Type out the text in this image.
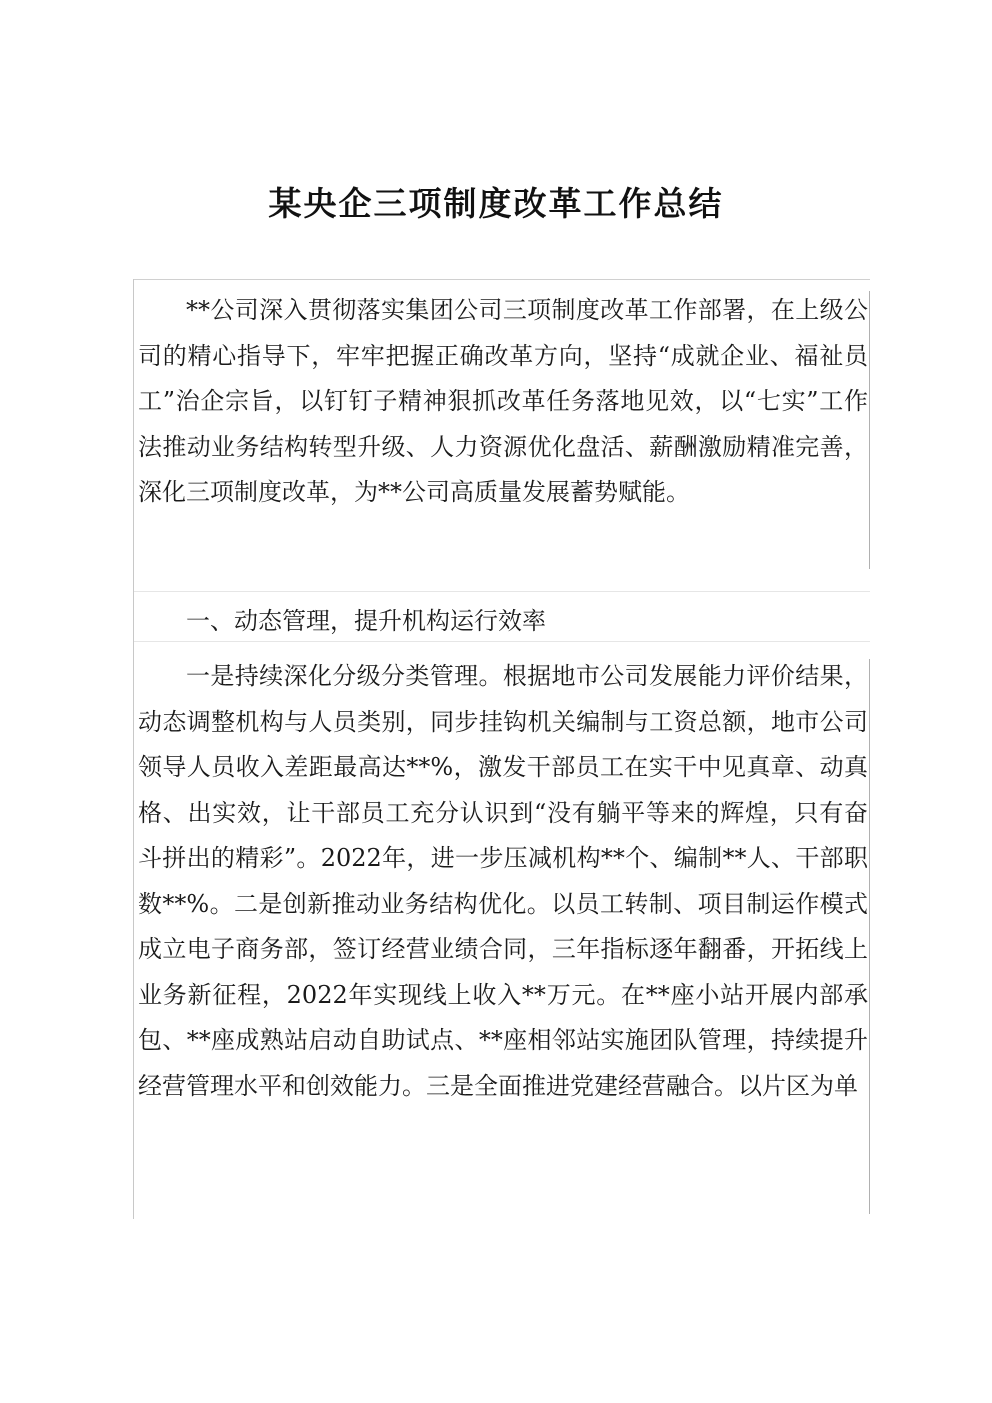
某央企三项制度改革工作总结

**公司深入贯彻落实集团公司三项制度改革工作部署，在上级公司的精心指导下，牢牢把握正确改革方向，坚持“成就企业、福祉员工”治企宗旨，以钉钉子精神狠抓改革任务落地见效，以“七实”工作法推动业务结构转型升级、人力资源优化盘活、薪酬激励精准完善，深化三项制度改革，为**公司高质量发展蓄势赋能。

一、动态管理，提升机构运行效率

一是持续深化分级分类管理。根据地市公司发展能力评价结果，动态调整机构与人员类别，同步挂钩机关编制与工资总额，地市公司领导人员收入差距最高达**%，激发干部员工在实干中见真章、动真格、出实效，让干部员工充分认识到“没有躺平等来的辉煌，只有奋斗拼出的精彩”。2022年，进一步压减机构**个、编制**人、干部职数**%。二是创新推动业务结构优化。以员工转制、项目制运作模式成立电子商务部，签订经营业绩合同，三年指标逐年翻番，开拓线上业务新征程，2022年实现线上收入**万元。在**座小站开展内部承包、**座成熟站启动自助试点、**座相邻站实施团队管理，持续提升经营管理水平和创效能力。三是全面推进党建经营融合。以片区为单
